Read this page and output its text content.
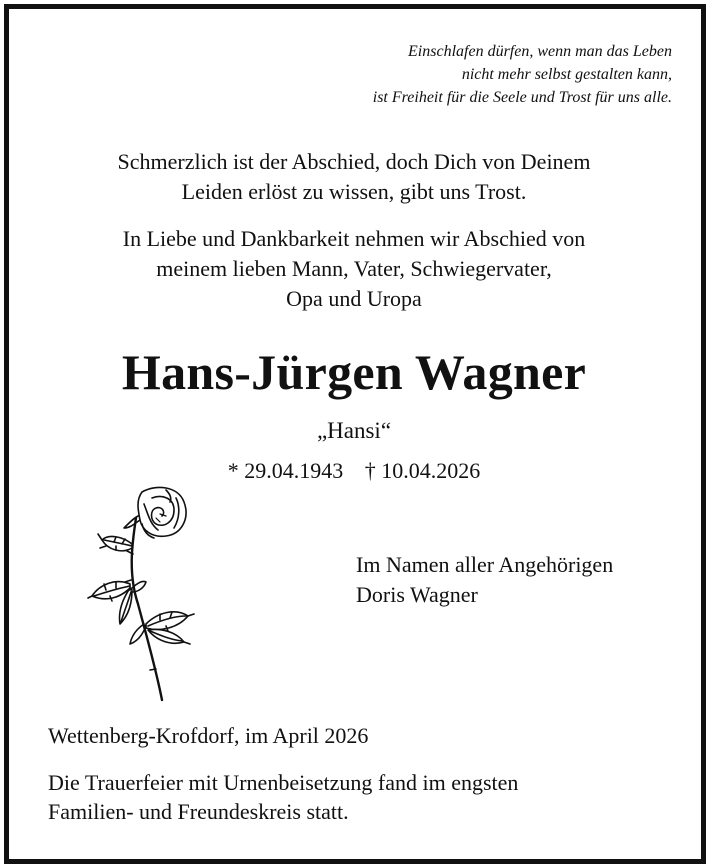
Einschlafen dürfen, wenn man das Leben
nicht mehr selbst gestalten kann,
ist Freiheit für die Seele und Trost für uns alle.
Schmerzlich ist der Abschied, doch Dich von Deinem
Leiden erlöst zu wissen, gibt uns Trost.
In Liebe und Dankbarkeit nehmen wir Abschied von
meinem lieben Mann, Vater, Schwiegervater,
Opa und Uropa
Hans-Jürgen Wagner
„Hansi“
* 29.04.1943 † 10.04.2026
Im Namen aller Angehörigen
Doris Wagner
Wettenberg-Krofdorf, im April 2026
Die Trauerfeier mit Urnenbeisetzung fand im engsten
Familien- und Freundeskreis statt.
